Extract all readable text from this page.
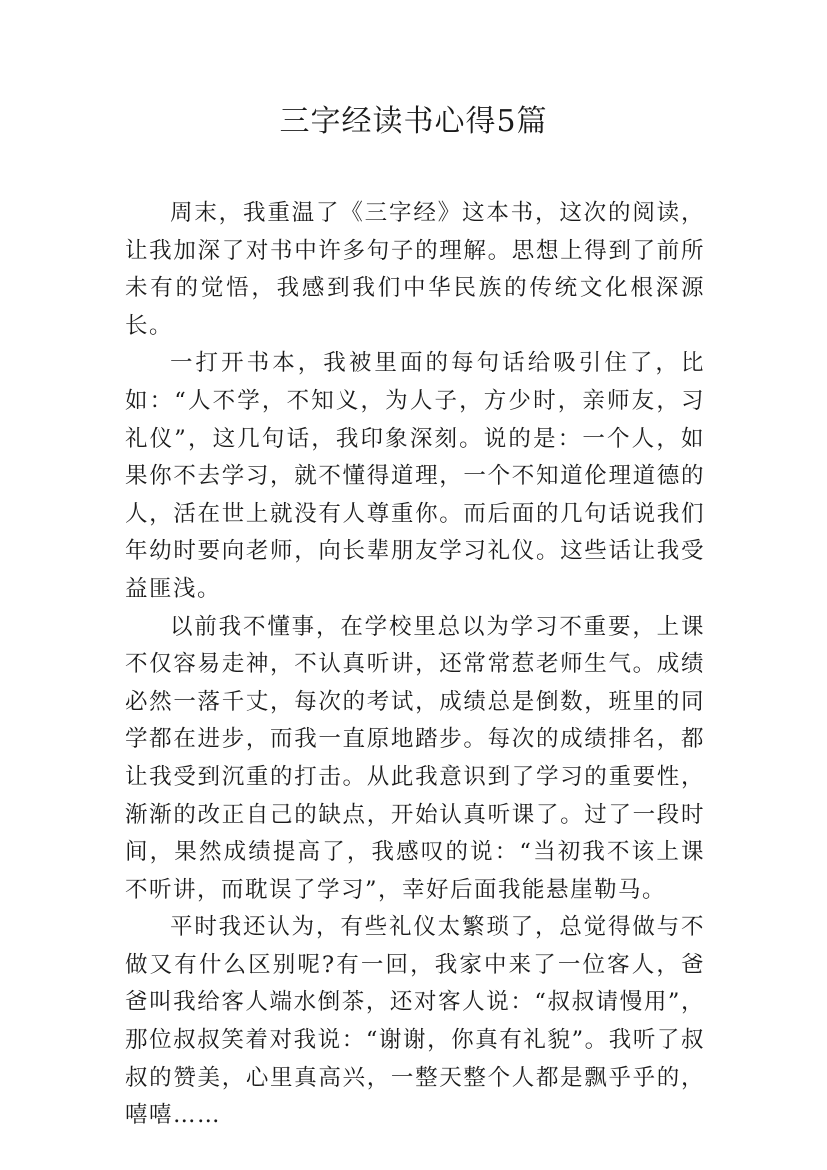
三字经读书心得5篇

周末，我重温了《三字经》这本书，这次的阅读，让我加深了对书中许多句子的理解。思想上得到了前所未有的觉悟，我感到我们中华民族的传统文化根深源长。

一打开书本，我被里面的每句话给吸引住了，比如：“人不学，不知义，为人子，方少时，亲师友，习礼仪”，这几句话，我印象深刻。说的是：一个人，如果你不去学习，就不懂得道理，一个不知道伦理道德的人，活在世上就没有人尊重你。而后面的几句话说我们年幼时要向老师，向长辈朋友学习礼仪。这些话让我受益匪浅。

以前我不懂事，在学校里总以为学习不重要，上课不仅容易走神，不认真听讲，还常常惹老师生气。成绩必然一落千丈，每次的考试，成绩总是倒数，班里的同学都在进步，而我一直原地踏步。每次的成绩排名，都让我受到沉重的打击。从此我意识到了学习的重要性，渐渐的改正自己的缺点，开始认真听课了。过了一段时间，果然成绩提高了，我感叹的说：“当初我不该上课不听讲，而耽误了学习”，幸好后面我能悬崖勒马。

平时我还认为，有些礼仪太繁琐了，总觉得做与不做又有什么区别呢?有一回，我家中来了一位客人，爸爸叫我给客人端水倒茶，还对客人说：“叔叔请慢用”，那位叔叔笑着对我说：“谢谢，你真有礼貌”。我听了叔叔的赞美，心里真高兴，一整天整个人都是飘乎乎的，嘻嘻……
